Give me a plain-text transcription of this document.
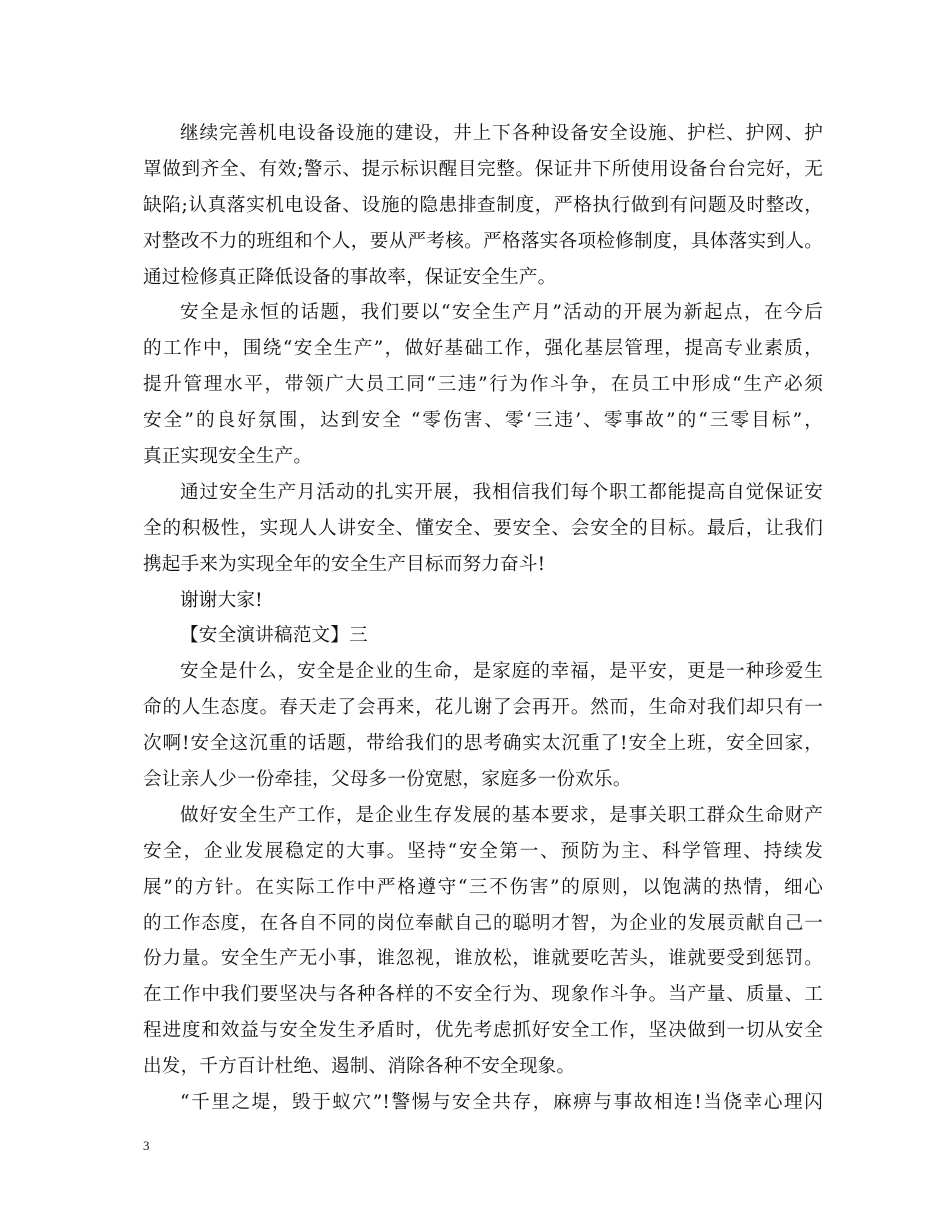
继续完善机电设备设施的建设，井上下各种设备安全设施、护栏、护网、护
罩做到齐全、有效;警示、提示标识醒目完整。保证井下所使用设备台台完好，无
缺陷;认真落实机电设备、设施的隐患排查制度，严格执行做到有问题及时整改，
对整改不力的班组和个人，要从严考核。严格落实各项检修制度，具体落实到人。
通过检修真正降低设备的事故率，保证安全生产。
安全是永恒的话题，我们要以“安全生产月”活动的开展为新起点，在今后
的工作中，围绕“安全生产”，做好基础工作，强化基层管理，提高专业素质，
提升管理水平，带领广大员工同“三违”行为作斗争，在员工中形成“生产必须
安全”的良好氛围，达到安全 “零伤害、零‘三违’、零事故”的“三零目标”，
真正实现安全生产。
通过安全生产月活动的扎实开展，我相信我们每个职工都能提高自觉保证安
全的积极性，实现人人讲安全、懂安全、要安全、会安全的目标。最后，让我们
携起手来为实现全年的安全生产目标而努力奋斗!
谢谢大家!
【安全演讲稿范文】三
安全是什么，安全是企业的生命，是家庭的幸福，是平安，更是一种珍爱生
命的人生态度。春天走了会再来，花儿谢了会再开。然而，生命对我们却只有一
次啊!安全这沉重的话题，带给我们的思考确实太沉重了!安全上班，安全回家，
会让亲人少一份牵挂，父母多一份宽慰，家庭多一份欢乐。
做好安全生产工作，是企业生存发展的基本要求，是事关职工群众生命财产
安全，企业发展稳定的大事。坚持“安全第一、预防为主、科学管理、持续发
展”的方针。在实际工作中严格遵守“三不伤害”的原则，以饱满的热情，细心
的工作态度，在各自不同的岗位奉献自己的聪明才智，为企业的发展贡献自己一
份力量。安全生产无小事，谁忽视，谁放松，谁就要吃苦头，谁就要受到惩罚。
在工作中我们要坚决与各种各样的不安全行为、现象作斗争。当产量、质量、工
程进度和效益与安全发生矛盾时，优先考虑抓好安全工作，坚决做到一切从安全
出发，千方百计杜绝、遏制、消除各种不安全现象。
“千里之堤，毁于蚁穴”!警惕与安全共存，麻痹与事故相连!当侥幸心理闪
3
